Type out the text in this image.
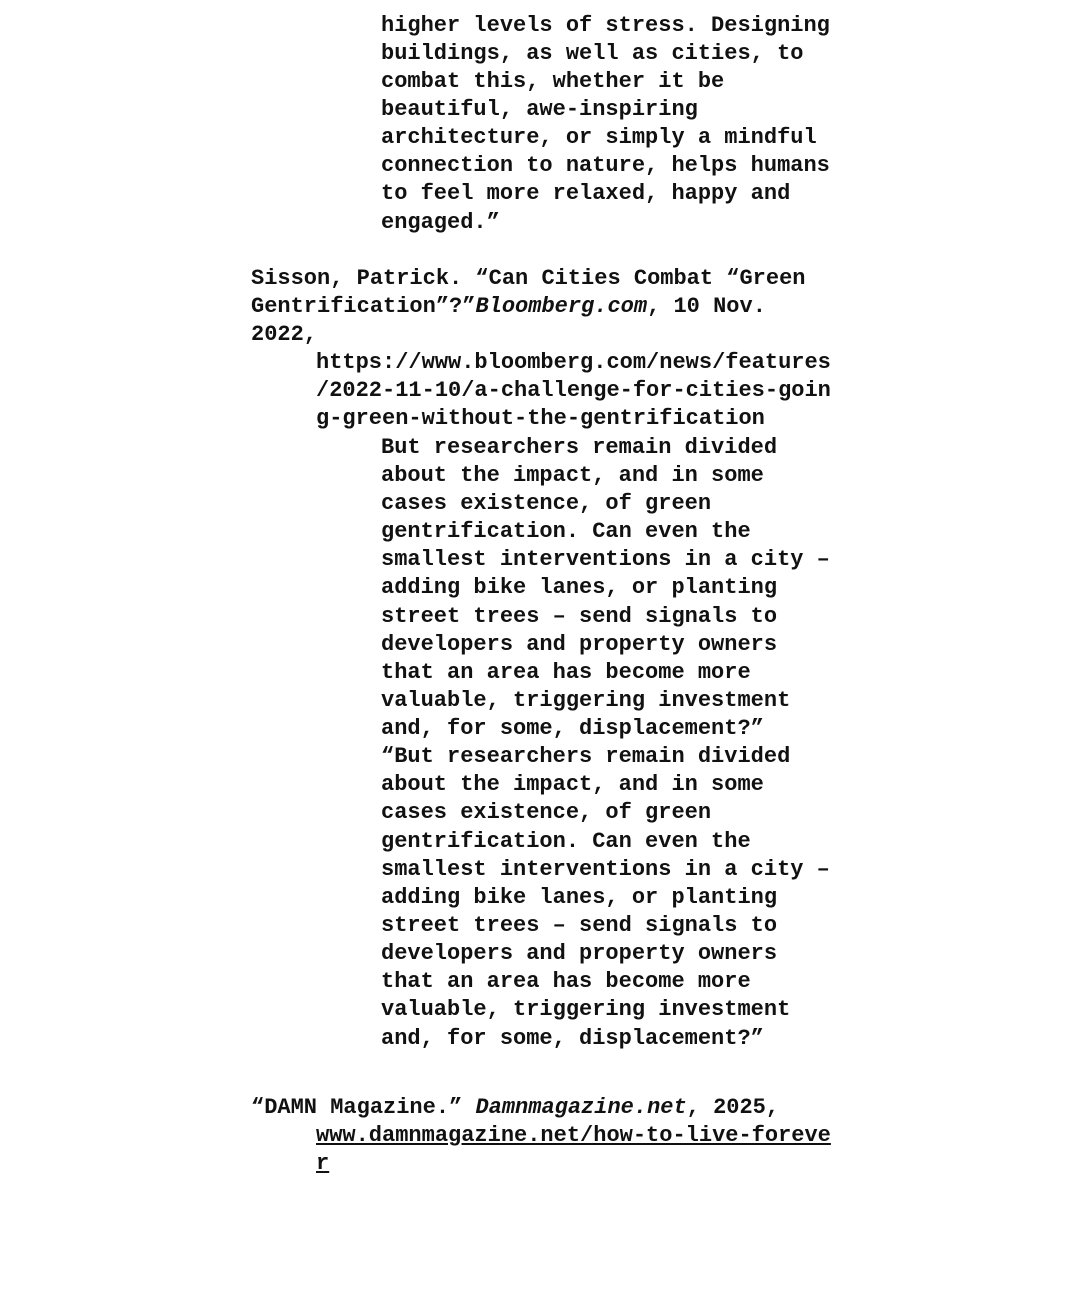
higher levels of stress. Designing
buildings, as well as cities, to
combat this, whether it be
beautiful, awe-inspiring
architecture, or simply a mindful
connection to nature, helps humans
to feel more relaxed, happy and
engaged.”
Sisson, Patrick. “Can Cities Combat “Green
Gentrification”?”Bloomberg.com, 10 Nov.
2022,
https://www.bloomberg.com/news/features
/2022-11-10/a-challenge-for-cities-goin
g-green-without-the-gentrification
But researchers remain divided
about the impact, and in some
cases existence, of green
gentrification. Can even the
smallest interventions in a city –
adding bike lanes, or planting
street trees – send signals to
developers and property owners
that an area has become more
valuable, triggering investment
and, for some, displacement?”
“But researchers remain divided
about the impact, and in some
cases existence, of green
gentrification. Can even the
smallest interventions in a city –
adding bike lanes, or planting
street trees – send signals to
developers and property owners
that an area has become more
valuable, triggering investment
and, for some, displacement?”
“DAMN Magazine.” Damnmagazine.net, 2025,
www.damnmagazine.net/how-to-live-foreve
r
